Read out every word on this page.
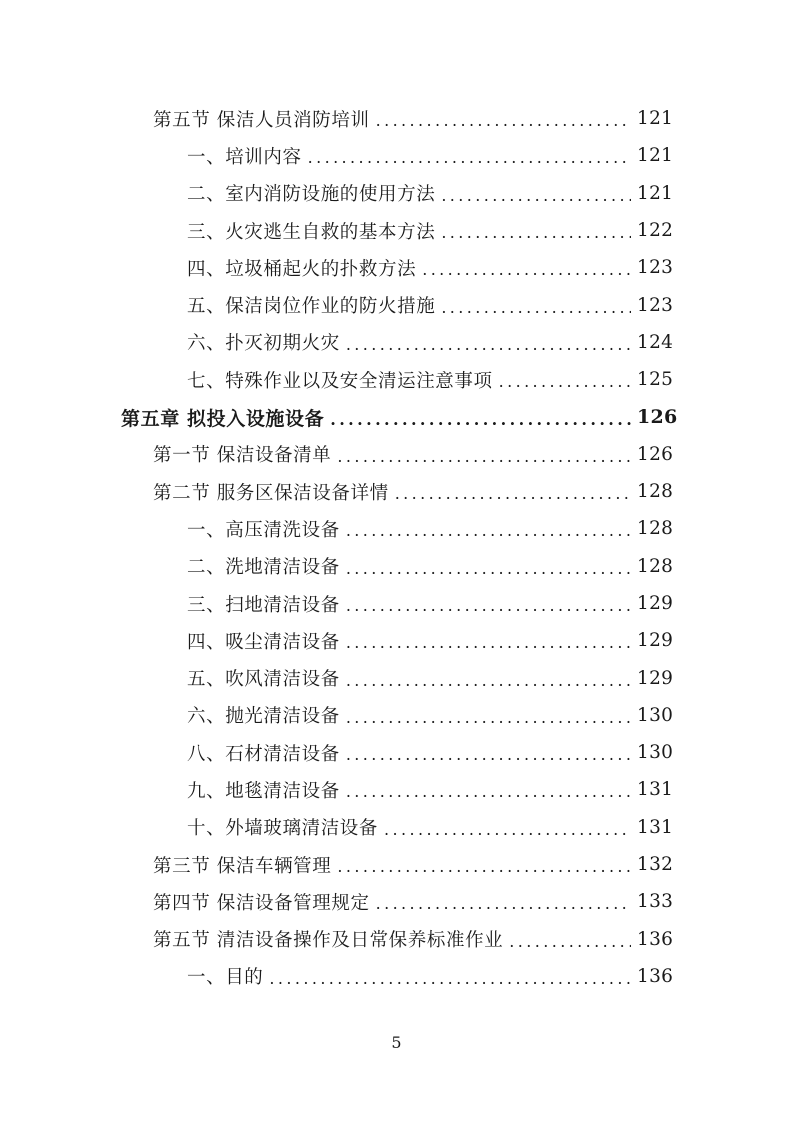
第五节 保洁人员消防培训 .....	121
一、培训内容 .....	121
二、室内消防设施的使用方法 .....	121
三、火灾逃生自救的基本方法 .....	122
四、垃圾桶起火的扑救方法 .....	123
五、保洁岗位作业的防火措施 .....	123
六、扑灭初期火灾 .....	124
七、特殊作业以及安全清运注意事项 .....	125
第五章 拟投入设施设备 .....	126
第一节 保洁设备清单 .....	126
第二节 服务区保洁设备详情 .....	128
一、高压清洗设备 .....	128
二、洗地清洁设备 .....	128
三、扫地清洁设备 .....	129
四、吸尘清洁设备 .....	129
五、吹风清洁设备 .....	129
六、抛光清洁设备 .....	130
八、石材清洁设备 .....	130
九、地毯清洁设备 .....	131
十、外墙玻璃清洁设备 .....	131
第三节 保洁车辆管理 .....	132
第四节 保洁设备管理规定 .....	133
第五节 清洁设备操作及日常保养标准作业 .....	136
一、目的 .....	136
5
